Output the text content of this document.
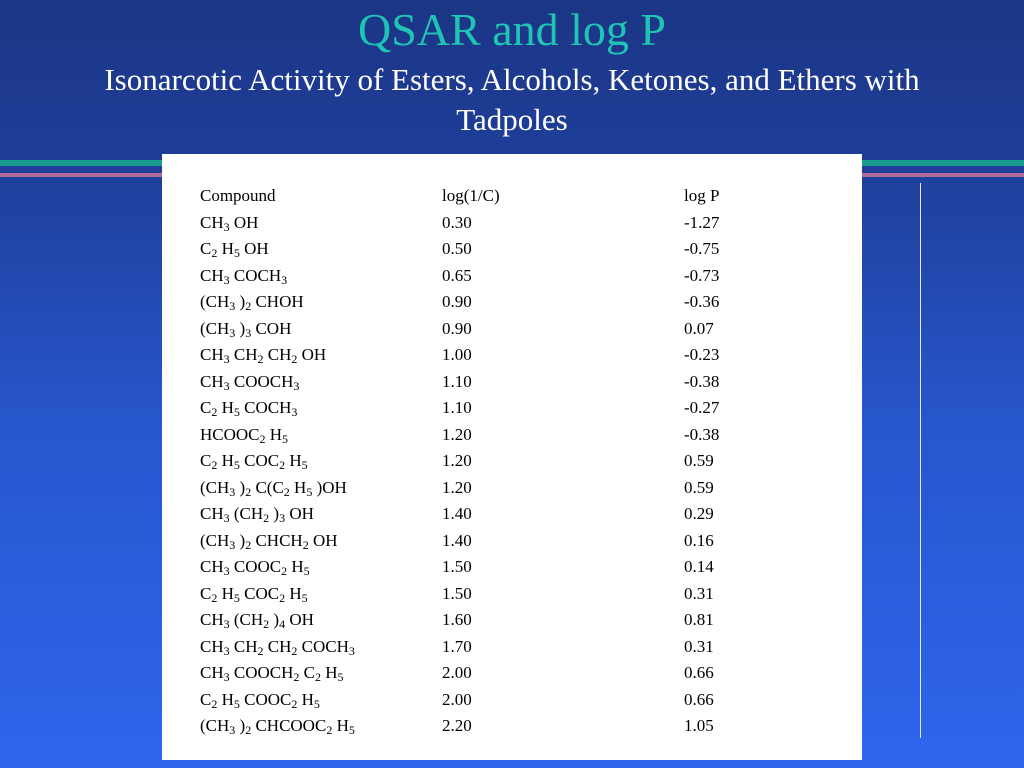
QSAR and log P
Isonarcotic Activity of Esters, Alcohols, Ketones, and Ethers with Tadpoles
Compound	log(1/C)	log P
$CH_3$ OH	0.30	-1.27
$C_2$ $H_5$ OH	0.50	-0.75
$CH_3$ $COCH_3$	0.65	-0.73
($CH_3$ )$_2$ CHOH	0.90	-0.36
($CH_3$ )$_3$ COH	0.90	0.07
$CH_3$ $CH_2$ $CH_2$ OH	1.00	-0.23
$CH_3$ $COOCH_3$	1.10	-0.38
$C_2$ $H_5$ $COCH_3$	1.10	-0.27
$HCOOC_2$ $H_5$	1.20	-0.38
$C_2$ $H_5$ $COC_2$ $H_5$	1.20	0.59
($CH_3$ )$_2$ $C(C_2$ $H_5$ )OH	1.20	0.59
$CH_3$ ($CH_2$ )$_3$ OH	1.40	0.29
($CH_3$ )$_2$ $CHCH_2$ OH	1.40	0.16
$CH_3$ $COOC_2$ $H_5$	1.50	0.14
$C_2$ $H_5$ $COC_2$ $H_5$	1.50	0.31
$CH_3$ ($CH_2$ )$_4$ OH	1.60	0.81
$CH_3$ $CH_2$ $CH_2$ $COCH_3$	1.70	0.31
$CH_3$ $COOCH_2$ $C_2$ $H_5$	2.00	0.66
$C_2$ $H_5$ $COOC_2$ $H_5$	2.00	0.66
($CH_3$ )$_2$ $CHCOOC_2$ $H_5$	2.20	1.05
